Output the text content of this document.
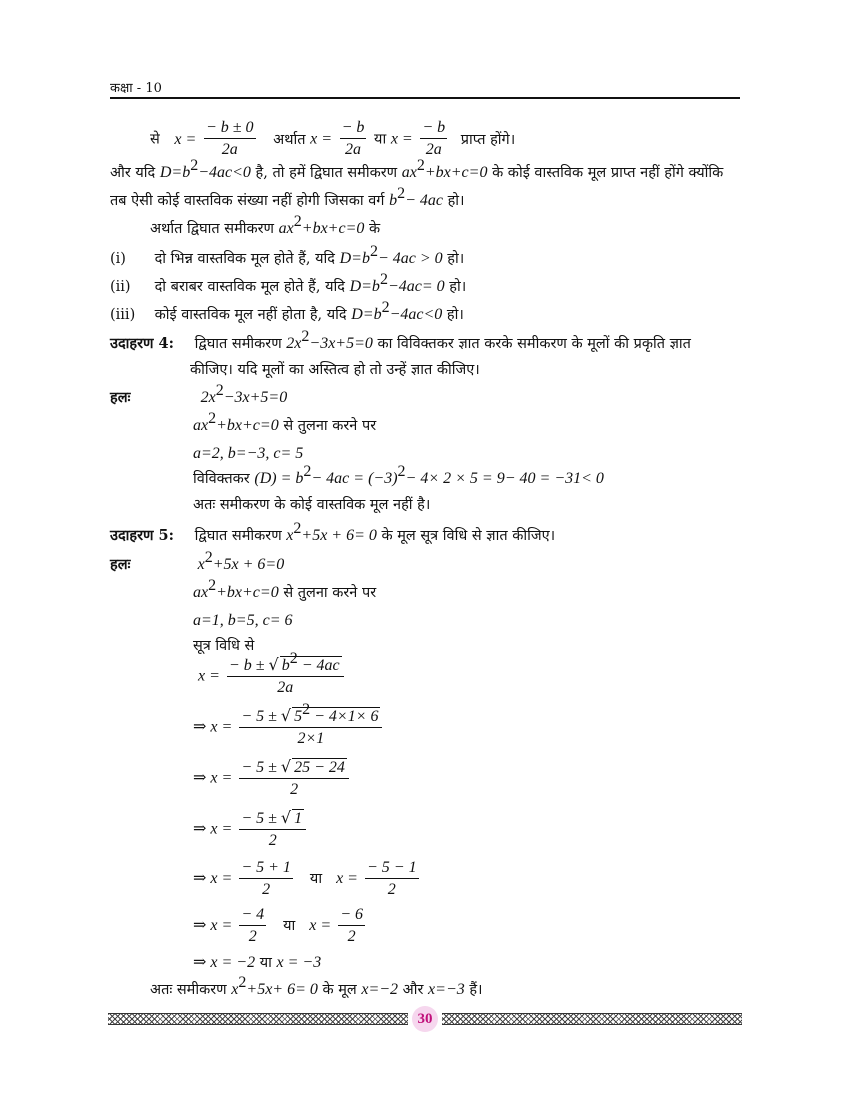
कक्षा - 10
से $x = \frac{- b \pm 0}{2a}$ अर्थात $x = \frac{- b}{2a}$ या $x = \frac{- b}{2a}$ प्राप्त होंगे।
और यदि $D=b^2-4ac<0$ है, तो हमें द्विघात समीकरण $ax^2+bx+c=0$ के कोई वास्तविक मूल प्राप्त नहीं होंगे क्योंकि
तब ऐसी कोई वास्तविक संख्या नहीं होगी जिसका वर्ग $b^2- 4ac$ हो।
अर्थात द्विघात समीकरण $ax^2+bx+c=0$ के
(i) दो भिन्न वास्तविक मूल होते हैं, यदि $D=b^2- 4ac > 0$ हो।
(ii) दो बराबर वास्तविक मूल होते हैं, यदि $D=b^2-4ac= 0$ हो।
(iii) कोई वास्तविक मूल नहीं होता है, यदि $D=b^2-4ac<0$ हो।
उदाहरण 4: द्विघात समीकरण $2x^2-3x+5=0$ का विविक्तकर ज्ञात करके समीकरण के मूलों की प्रकृति ज्ञात
कीजिए। यदि मूलों का अस्तित्व हो तो उन्हें ज्ञात कीजिए।
हलः	$2x^2-3x+5=0$
$ax^2+bx+c=0$ से तुलना करने पर
a=2, b=−3, c= 5
विविक्तकर $(D) = b^2- 4ac = (-3)^2- 4\times 2 \times 5 = 9- 40 = -31< 0$
अतः समीकरण के कोई वास्तविक मूल नहीं है।
उदाहरण 5: द्विघात समीकरण $x^2+5x + 6= 0$ के मूल सूत्र विधि से ज्ञात कीजिए।
हलः	$x^2+5x + 6=0$
$ax^2+bx+c=0$ से तुलना करने पर
a=1, b=5, c= 6
सूत्र विधि से
$x = \frac{- b \pm √ b^2 - 4ac}{2a}$
⇒ $x = \frac{- 5 \pm √ 5^2 - 4\times 1\times 6}{2\times 1}$
⇒ $x = \frac{- 5 \pm √ 25 - 24}{2}$
⇒ $x = \frac{- 5 \pm √ 1}{2}$
⇒ $x = \frac{- 5 + 1}{2}$ या $x = \frac{- 5 - 1}{2}$
⇒ $x = \frac{- 4}{2}$ या $x = \frac{- 6}{2}$
⇒ x = −2 या x = −3
अतः समीकरण $x^2+5x+ 6= 0$ के मूल x=−2 और x=−3 हैं।
30
